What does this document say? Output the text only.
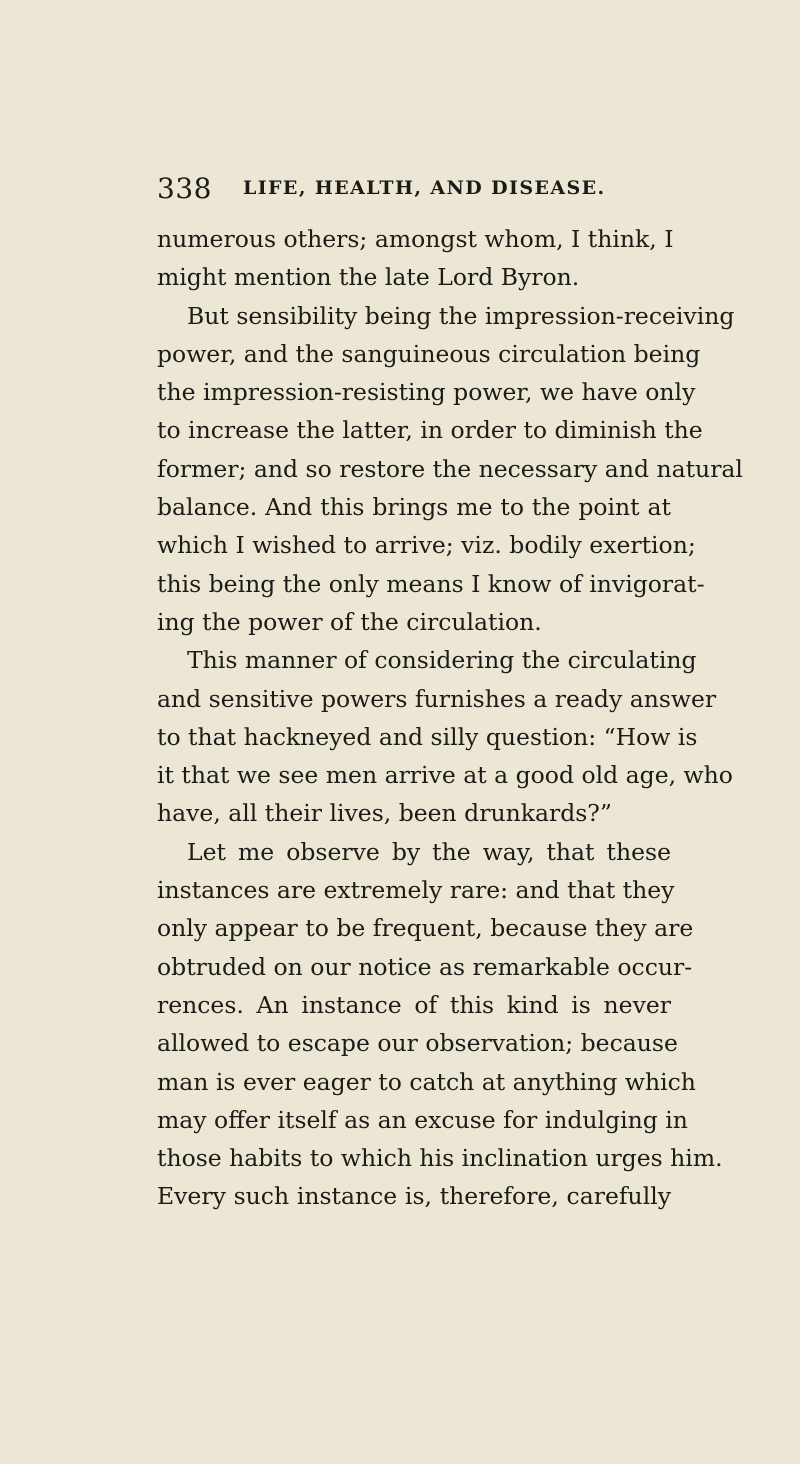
338 LIFE, HEALTH, AND DISEASE.
numerous others; amongst whom, I think, I
might mention the late Lord Byron.
But sensibility being the impression-receiving
power, and the sanguineous circulation being
the impression-resisting power, we have only
to increase the latter, in order to diminish the
former; and so restore the necessary and natural
balance. And this brings me to the point at
which I wished to arrive; viz. bodily exertion;
this being the only means I know of invigorat-
ing the power of the circulation.
This manner of considering the circulating
and sensitive powers furnishes a ready answer
to that hackneyed and silly question: “How is
it that we see men arrive at a good old age, who
have, all their lives, been drunkards?”
Let me observe by the way, that these
instances are extremely rare: and that they
only appear to be frequent, because they are
obtruded on our notice as remarkable occur-
rences. An instance of this kind is never
allowed to escape our observation; because
man is ever eager to catch at anything which
may offer itself as an excuse for indulging in
those habits to which his inclination urges him.
Every such instance is, therefore, carefully
